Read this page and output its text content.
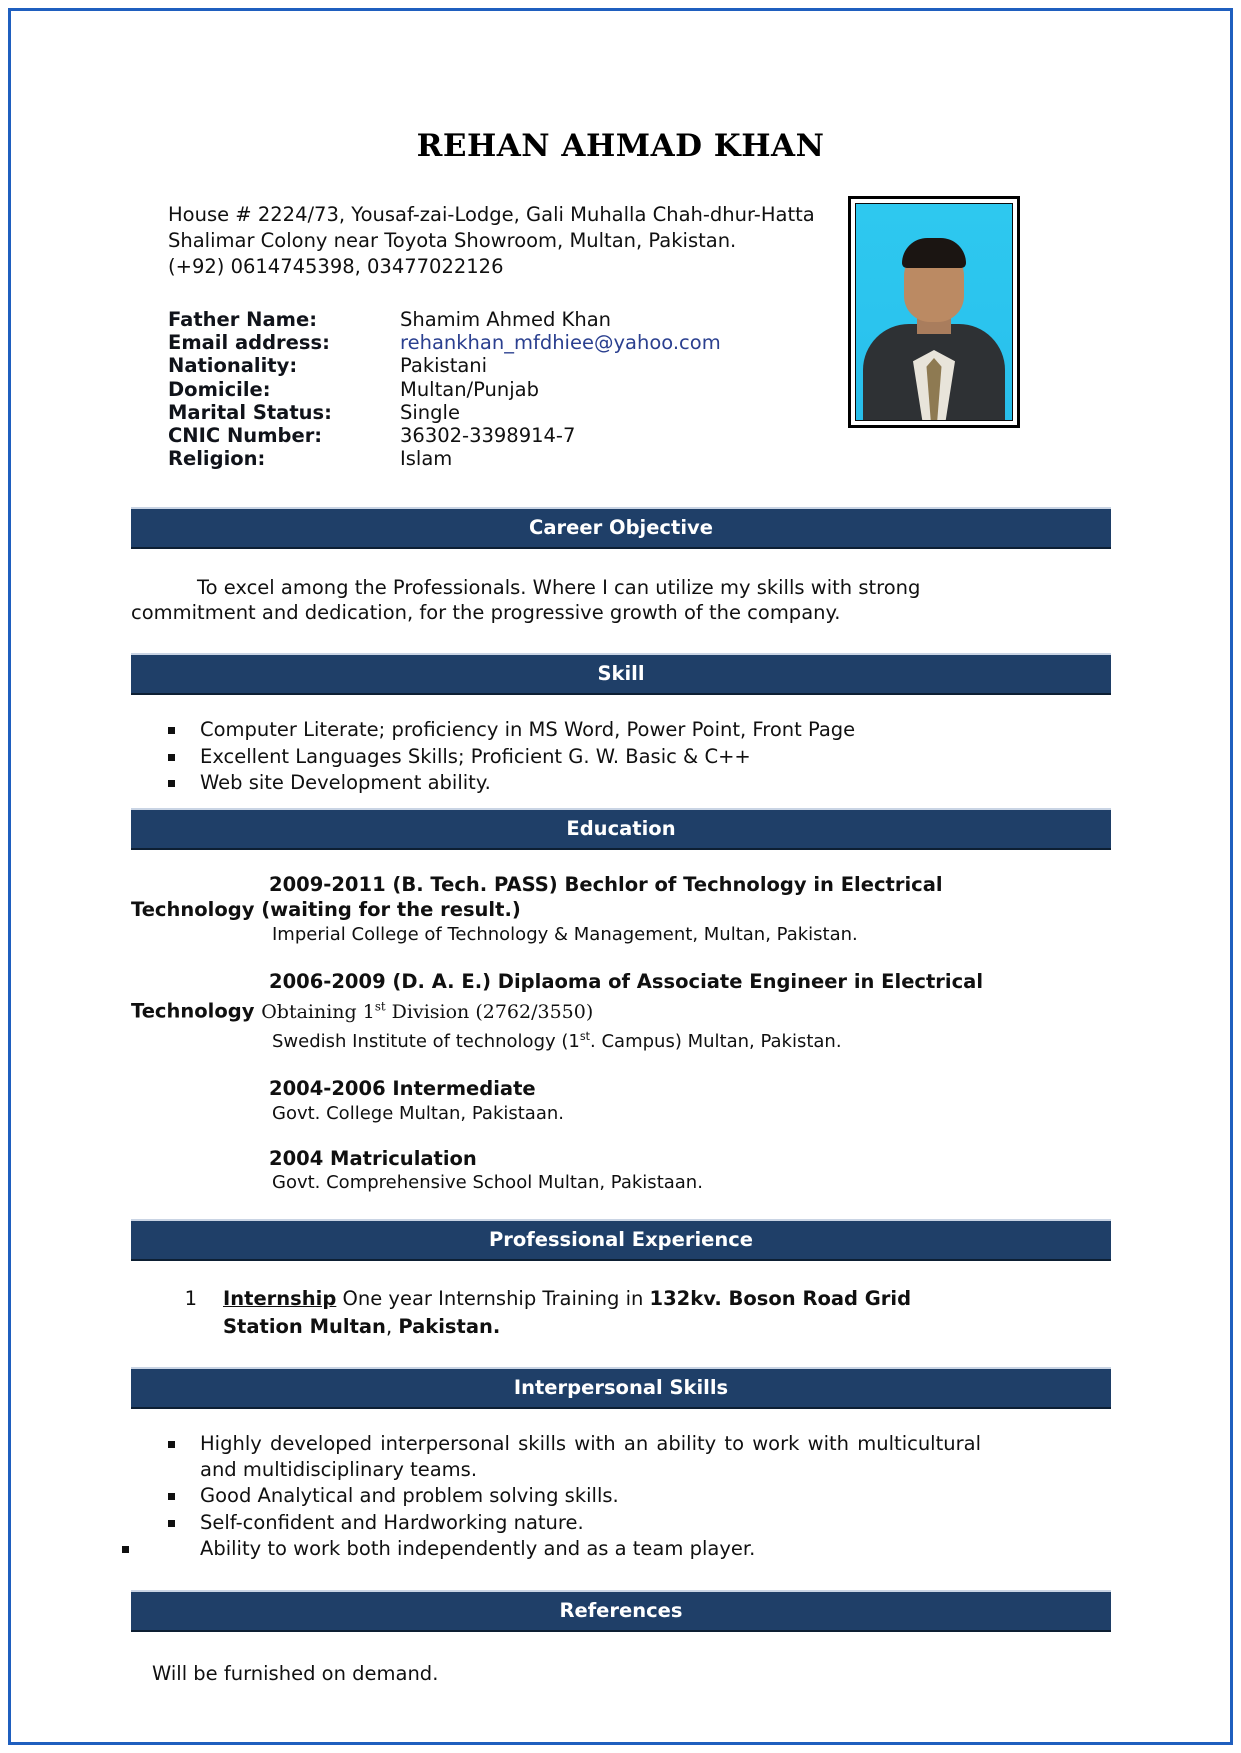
REHAN AHMAD KHAN
House # 2224/73, Yousaf-zai-Lodge, Gali Muhalla Chah-dhur-Hatta
Shalimar Colony near Toyota Showroom, Multan, Pakistan.
(+92) 0614745398, 03477022126
Father Name:	Shamim Ahmed Khan
Email address:	rehankhan_mfdhiee@yahoo.com
Nationality:	Pakistani
Domicile:	Multan/Punjab
Marital Status:	Single
CNIC Number:	36302-3398914-7
Religion:	Islam
Career Objective
To excel among the Professionals. Where I can utilize my skills with strong commitment and dedication, for the progressive growth of the company.
Skill
Computer Literate; proficiency in MS Word, Power Point, Front Page
Excellent Languages Skills; Proficient G. W. Basic & C++
Web site Development ability.
Education
2009-2011 (B. Tech. PASS) Bechlor of Technology in Electrical Technology (waiting for the result.)
Imperial College of Technology & Management, Multan, Pakistan.
2006-2009 (D. A. E.) Diplaoma of Associate Engineer in Electrical Technology Obtaining 1st Division (2762/3550)
Swedish Institute of technology (1st. Campus) Multan, Pakistan.
2004-2006 Intermediate
Govt. College Multan, Pakistaan.
2004 Matriculation
Govt. Comprehensive School Multan, Pakistaan.
Professional Experience
1	Internship One year Internship Training in 132kv. Boson Road Grid Station Multan, Pakistan.
Interpersonal Skills
Highly developed interpersonal skills with an ability to work with multicultural and multidisciplinary teams.
Good Analytical and problem solving skills.
Self-confident and Hardworking nature.
Ability to work both independently and as a team player.
References
Will be furnished on demand.
